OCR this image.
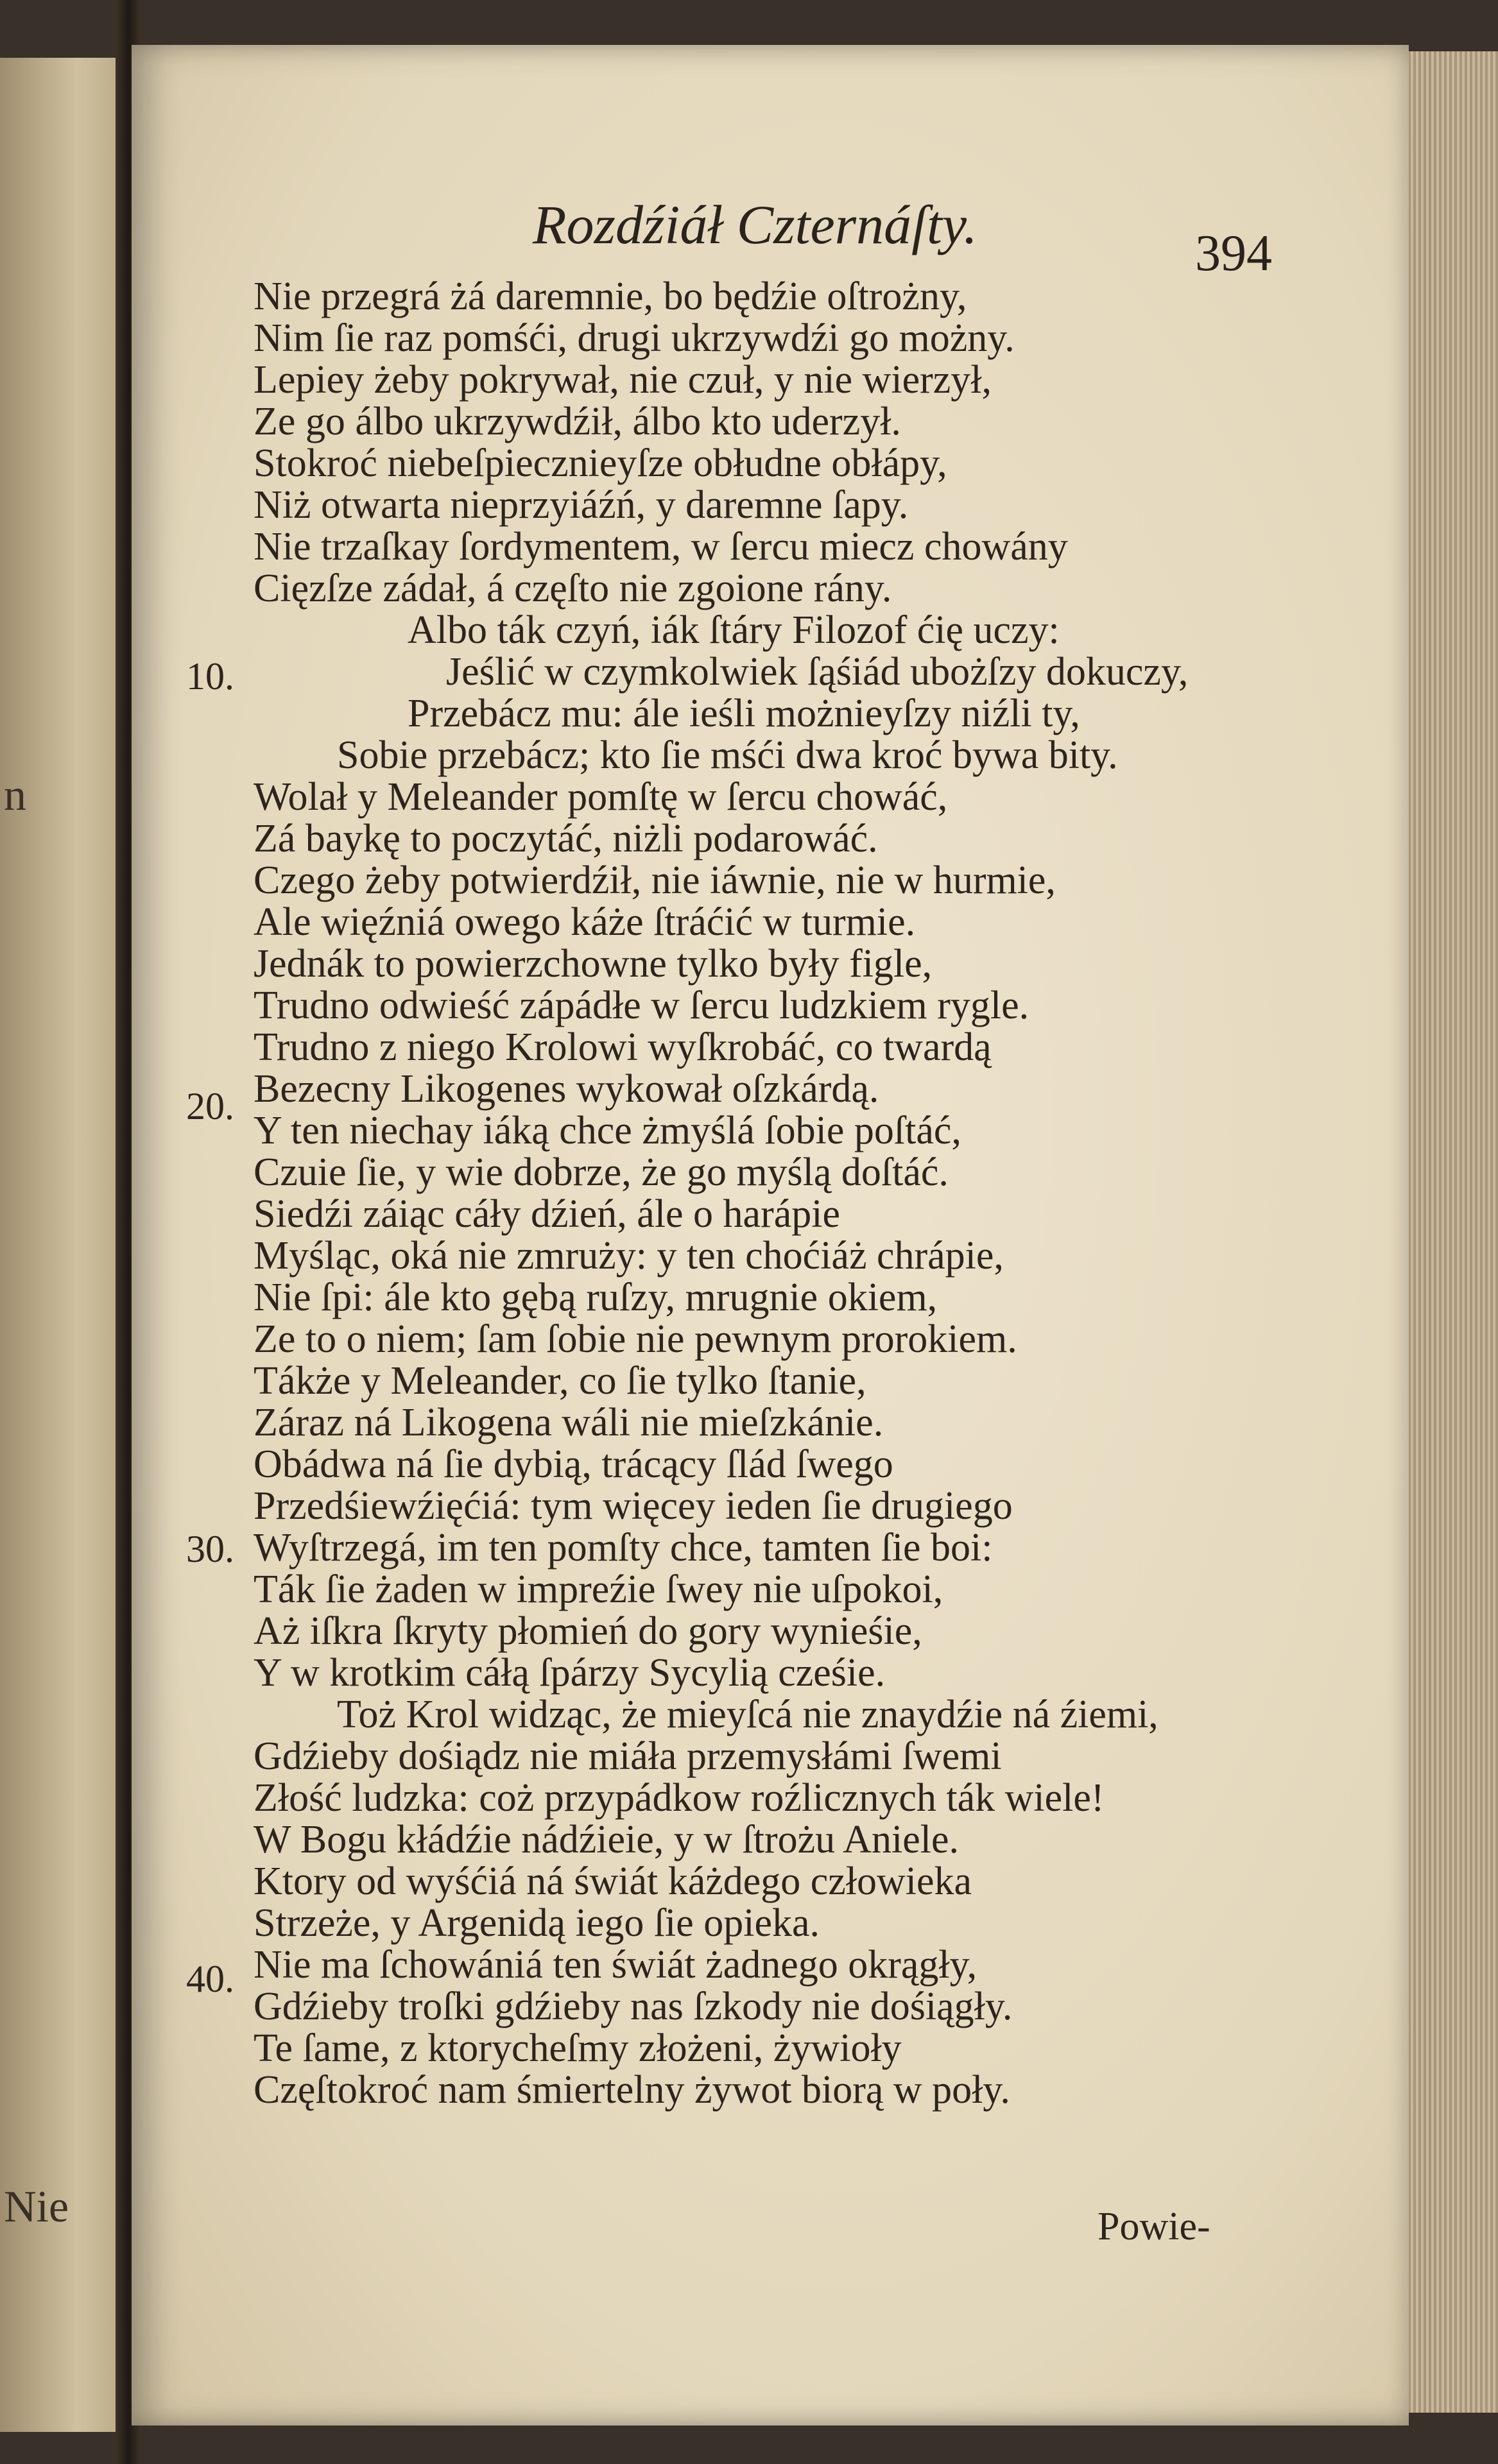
n
Nie
Rozdźiáł Czternáſty.	394
10.
20.
30.
40.
Nie przegrá żá daremnie, bo będźie oſtrożny,
Nim ſie raz pomśći, drugi ukrzywdźi go możny.
Lepiey żeby pokrywał, nie czuł, y nie wierzył,
Ze go álbo ukrzywdźił, álbo kto uderzył.
Stokroć niebeſpiecznieyſze obłudne obłápy,
Niż otwarta nieprzyiáźń, y daremne ſapy.
Nie trzaſkay ſordymentem, w ſercu miecz chowány
Cięzſze zádał, á częſto nie zgoione rány.
Albo ták czyń, iák ſtáry Filozof ćię uczy:
Jeślić w czymkolwiek ſąśiád ubożſzy dokuczy,
Przebácz mu: ále ieśli możnieyſzy niźli ty,
Sobie przebácz; kto ſie mśći dwa kroć bywa bity.
Wolał y Meleander pomſtę w ſercu chowáć,
Zá baykę to poczytáć, niżli podarowáć.
Czego żeby potwierdźił, nie iáwnie, nie w hurmie,
Ale więźniá owego káże ſtráćić w turmie.
Jednák to powierzchowne tylko były figle,
Trudno odwieść zápádłe w ſercu ludzkiem rygle.
Trudno z niego Krolowi wyſkrobáć, co twardą
Bezecny Likogenes wykował oſzkárdą.
Y ten niechay iáką chce żmyślá ſobie poſtáć,
Czuie ſie, y wie dobrze, że go myślą doſtáć.
Siedźi záiąc cáły dźień, ále o harápie
Myśląc, oká nie zmruży: y ten choćiáż chrápie,
Nie ſpi: ále kto gębą ruſzy, mrugnie okiem,
Ze to o niem; ſam ſobie nie pewnym prorokiem.
Tákże y Meleander, co ſie tylko ſtanie,
Záraz ná Likogena wáli nie mieſzkánie.
Obádwa ná ſie dybią, trácący ſlád ſwego
Przedśiewźięćiá: tym więcey ieden ſie drugiego
Wyſtrzegá, im ten pomſty chce, tamten ſie boi:
Ták ſie żaden w impreźie ſwey nie uſpokoi,
Aż iſkra ſkryty płomień do gory wynieśie,
Y w krotkim cáłą ſpárzy Sycylią cześie.
Toż Krol widząc, że mieyſcá nie znaydźie ná źiemi,
Gdźieby dośiądz nie miáła przemysłámi ſwemi
Złość ludzka: coż przypádkow roźlicznych ták wiele!
W Bogu kłádźie nádźieie, y w ſtrożu Aniele.
Ktory od wyśćiá ná świát káżdego człowieka
Strzeże, y Argenidą iego ſie opieka.
Nie ma ſchowániá ten świát żadnego okrągły,
Gdźieby troſki gdźieby nas ſzkody nie dośiągły.
Te ſame, z ktorycheſmy złożeni, żywioły
Częſtokroć nam śmiertelny żywot biorą w poły.
Powie-
